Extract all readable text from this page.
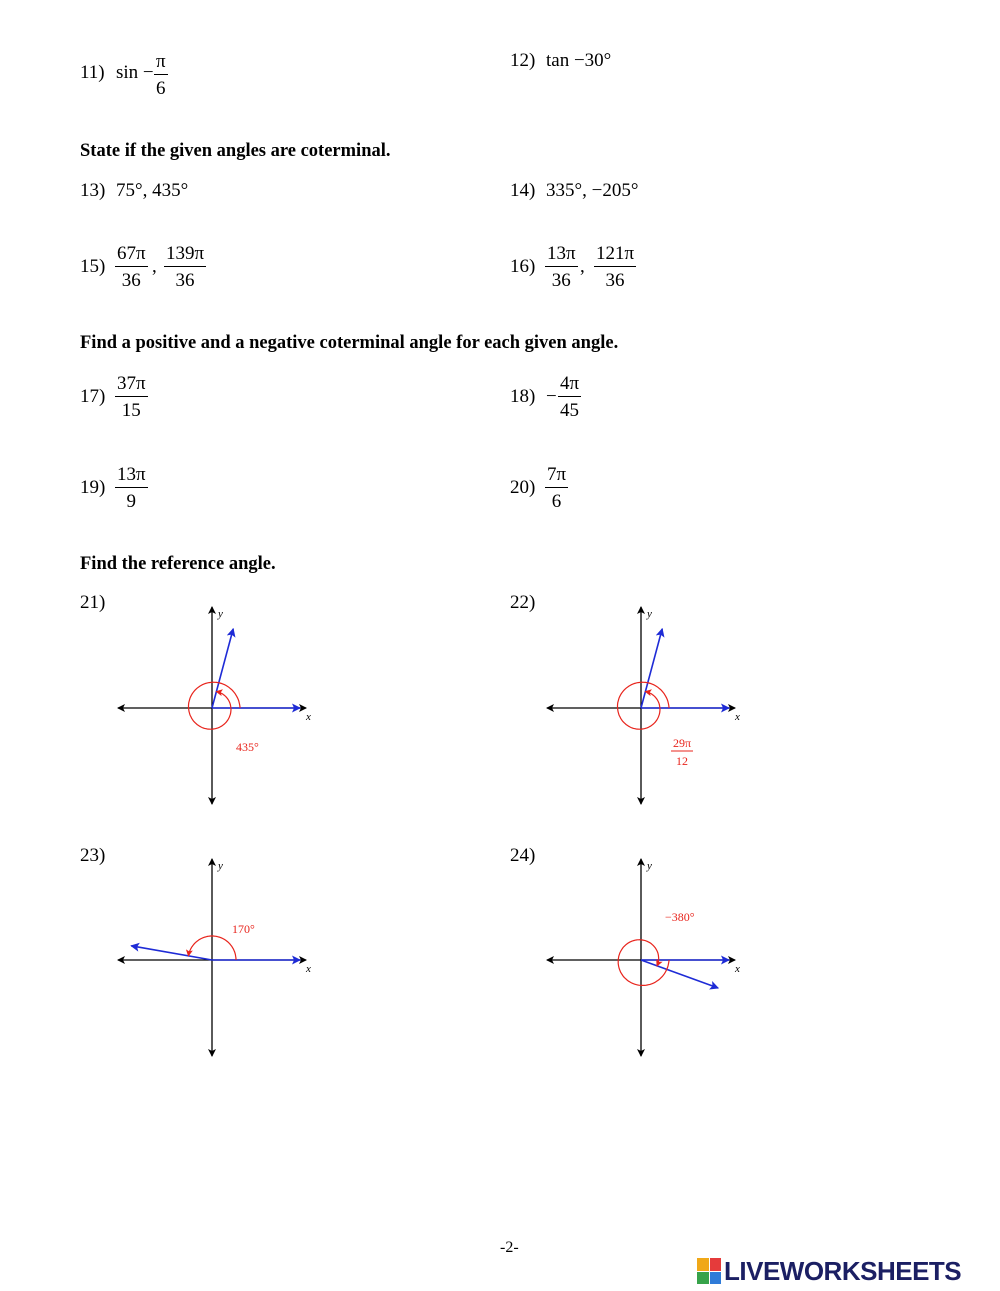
11) $\sin - \frac{\pi}{6}$	12) tan −30°
State if the given angles are coterminal.
13) 75°, 435°	14) 335°, −205°
$15) \frac{67\pi}{36}$ , $\frac{139\pi}{36}$	$16) \frac{13\pi}{36}$ , $\frac{121\pi}{36}$
Find a positive and a negative coterminal angle for each given angle.
$17) \frac{37\pi}{15}$	$18) - \frac{4\pi}{45}$
$19) \frac{13\pi}{9}$	$20) \frac{7\pi}{6}$
Find the reference angle.
21)
x
y
435°
22)
x
y
29π
12
23)
x
y
170°
24)
x
y
−380°
-2-
LIVEWORKSHEETS
